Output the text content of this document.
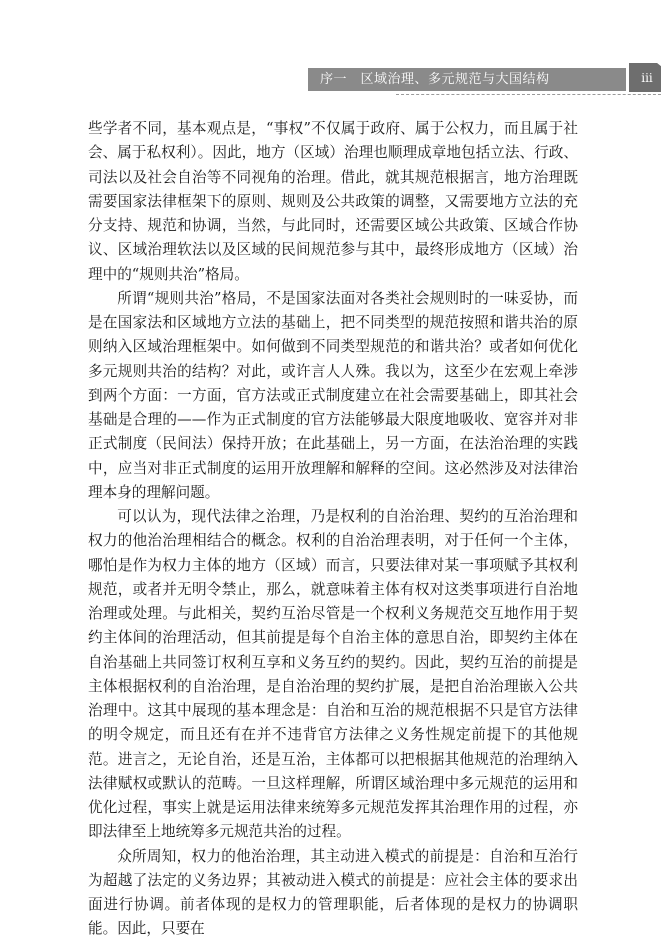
序一　区域治理、多元规范与大国结构	iii

些学者不同，基本观点是，“事权”不仅属于政府、属于公权力，而且属于社会、属于私权利）。因此，地方（区域）治理也顺理成章地包括立法、行政、司法以及社会自治等不同视角的治理。借此，就其规范根据言，地方治理既需要国家法律框架下的原则、规则及公共政策的调整，又需要地方立法的充分支持、规范和协调，当然，与此同时，还需要区域公共政策、区域合作协议、区域治理软法以及区域的民间规范参与其中，最终形成地方（区域）治理中的“规则共治”格局。

所谓“规则共治”格局，不是国家法面对各类社会规则时的一味妥协，而是在国家法和区域地方立法的基础上，把不同类型的规范按照和谐共治的原则纳入区域治理框架中。如何做到不同类型规范的和谐共治？或者如何优化多元规则共治的结构？对此，或许言人人殊。我以为，这至少在宏观上牵涉到两个方面：一方面，官方法或正式制度建立在社会需要基础上，即其社会基础是合理的——作为正式制度的官方法能够最大限度地吸收、宽容并对非正式制度（民间法）保持开放；在此基础上，另一方面，在法治治理的实践中，应当对非正式制度的运用开放理解和解释的空间。这必然涉及对法律治理本身的理解问题。

可以认为，现代法律之治理，乃是权利的自治治理、契约的互治治理和权力的他治治理相结合的概念。权利的自治治理表明，对于任何一个主体，哪怕是作为权力主体的地方（区域）而言，只要法律对某一事项赋予其权利规范，或者并无明令禁止，那么，就意味着主体有权对这类事项进行自治地治理或处理。与此相关，契约互治尽管是一个权利义务规范交互地作用于契约主体间的治理活动，但其前提是每个自治主体的意思自治，即契约主体在自治基础上共同签订权利互享和义务互约的契约。因此，契约互治的前提是主体根据权利的自治治理，是自治治理的契约扩展，是把自治治理嵌入公共治理中。这其中展现的基本理念是：自治和互治的规范根据不只是官方法律的明令规定，而且还有在并不违背官方法律之义务性规定前提下的其他规范。进言之，无论自治，还是互治，主体都可以把根据其他规范的治理纳入法律赋权或默认的范畴。一旦这样理解，所谓区域治理中多元规范的运用和优化过程，事实上就是运用法律来统筹多元规范发挥其治理作用的过程，亦即法律至上地统筹多元规范共治的过程。

众所周知，权力的他治治理，其主动进入模式的前提是：自治和互治行为超越了法定的义务边界；其被动进入模式的前提是：应社会主体的要求出面进行协调。前者体现的是权力的管理职能，后者体现的是权力的协调职能。因此，只要在
